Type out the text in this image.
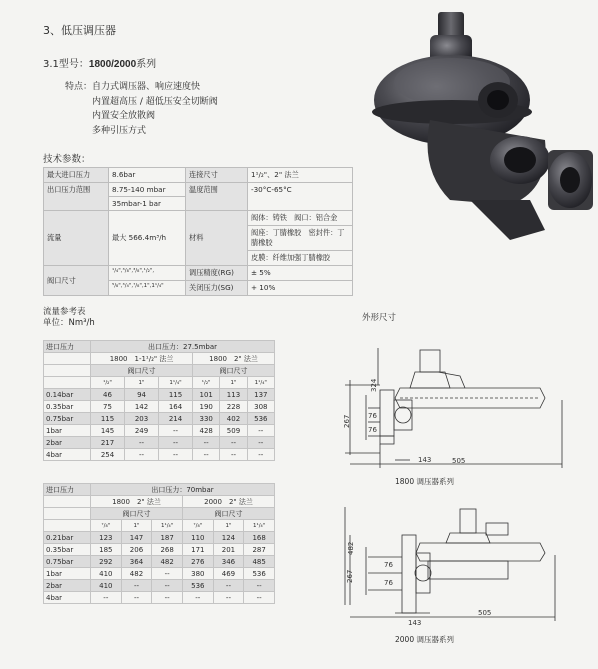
3、低压调压器
3.1型号：1800/2000系列
特点： 自力式调压器、响应速度快
内置超高压 / 超低压安全切断阀
内置安全放散阀
多种引压方式
技术参数：
最大进口压力	8.6bar	连接尺寸	1¹/₂"、2" 法兰
出口压力范围	8.75-140 mbar	温度范围	-30°C-65°C
	35mbar-1 bar		
流量	最大 566.4m³/h	材料	阀体：铸铁　阀口：铝合金
			阀座：丁腈橡胶　密封件：丁腈橡胶
			皮膜：纤维加强丁腈橡胶
阀口尺寸	¹/₄",³/₈",³/₈",¹/₂",	调压精度(RG)	± 5%
	⁵/₈",³/₄",⁷/₈",1",1¹/₄"	关闭压力(SG)	+ 10%
流量参考表
单位：Nm³/h
进口压力	出口压力：27.5mbar					
	1800　1-1¹/₂" 法兰			1800　2" 法兰		
	阀口尺寸			阀口尺寸		
	¹/₂"	1"	1¹/₄"	¹/₂"	1"	1¹/₄"
0.14bar	46	94	115	101	113	137
0.35bar	75	142	164	190	228	308
0.75bar	115	203	214	330	402	536
1bar	145	249	--	428	509	--
2bar	217	--	--	--	--	--
4bar	254	--	--	--	--	--
进口压力	出口压力：70mbar					
	1800　2" 法兰			2000　2" 法兰		
	阀口尺寸			阀口尺寸		
	⁷/₈"	1"	1¹/₄"	⁷/₈"	1"	1¹/₄"
0.21bar	123	147	187	110	124	168
0.35bar	185	206	268	171	201	287
0.75bar	292	364	482	276	346	485
1bar	410	482	--	380	469	536
2bar	410	--	--	536	--	--
4bar	--	--	--	--	--	--
外形尺寸
324
267 76
76
143	505
1800 调压器系列
482
267
76
76
143
505
2000 调压器系列
